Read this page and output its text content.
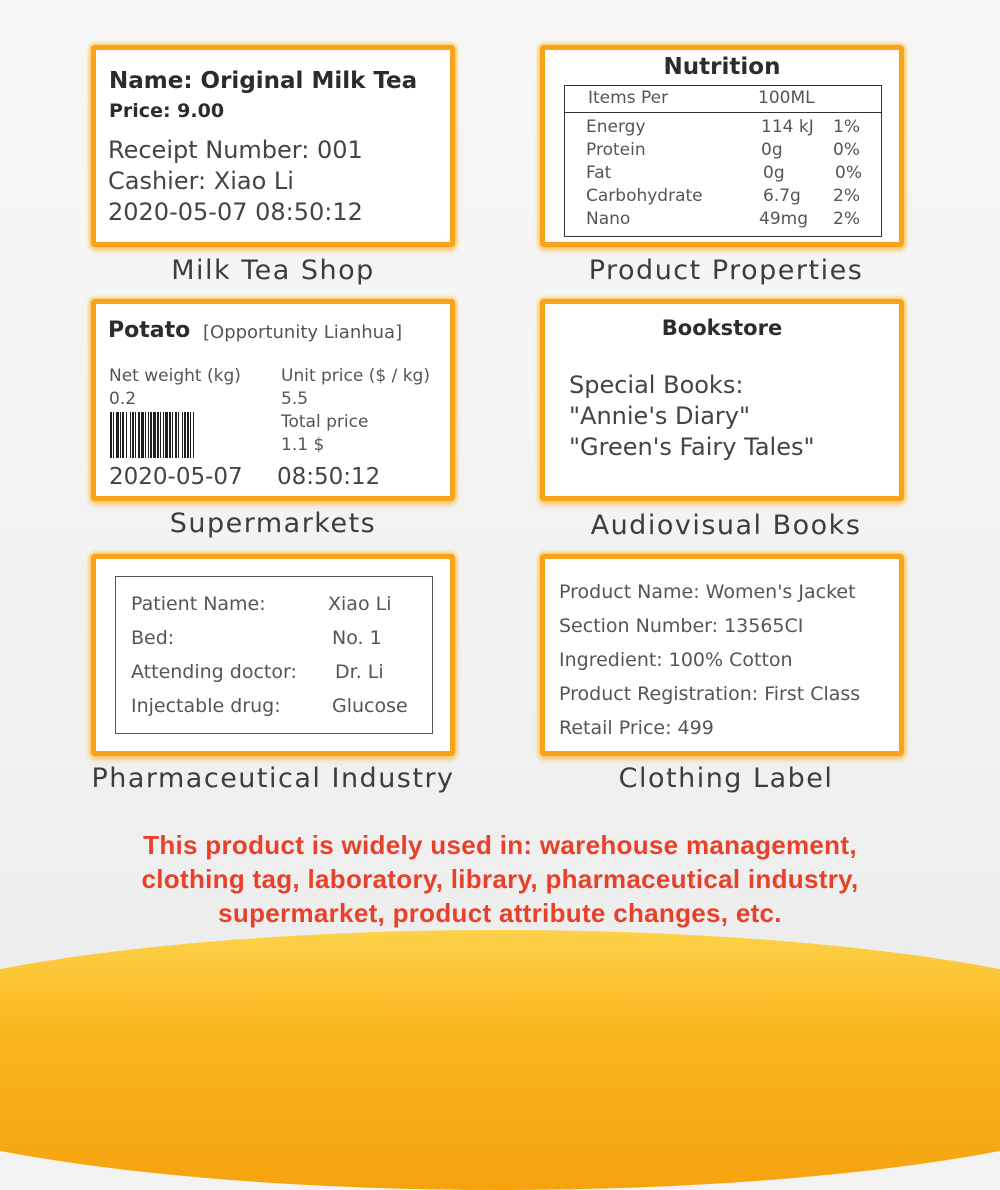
Name: Original Milk Tea
Price: 9.00
Receipt Number: 001
Cashier: Xiao Li
2020-05-07 08:50:12
Milk Tea Shop
Nutrition
Items Per	100ML
Energy	114 kJ 1%
Protein	0g	0%
Fat	0g	0%
Carbohydrate	6.7g 2%
Nano	49mg 2%
Product Properties
Potato [Opportunity Lianhua]
Net weight (kg)
0.2
Unit price ($ / kg)
5.5
Total price
1.1 $
2020-05-07 08:50:12
Supermarkets
Bookstore
Special Books:
"Annie's Diary"
"Green's Fairy Tales"
Audiovisual Books
Patient Name:	Xiao Li
Bed:	No. 1
Attending doctor: Dr. Li
Injectable drug:	Glucose
Pharmaceutical Industry
Product Name: Women's Jacket
Section Number: 13565CI
Ingredient: 100% Cotton
Product Registration: First Class
Retail Price: 499
Clothing Label
This product is widely used in: warehouse management,
clothing tag, laboratory, library, pharmaceutical industry,
supermarket, product attribute changes, etc.
